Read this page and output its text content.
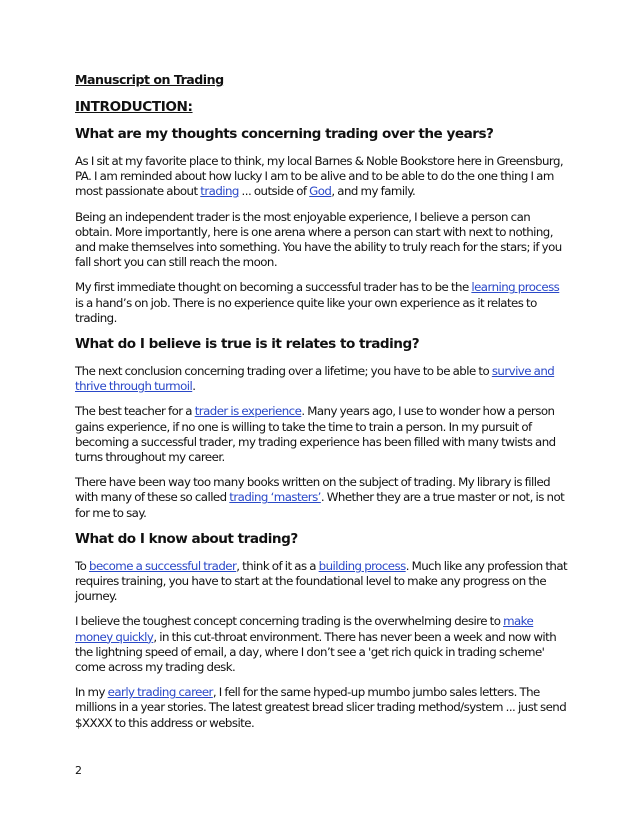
Manuscript on Trading
INTRODUCTION:
What are my thoughts concerning trading over the years?
As I sit at my favorite place to think, my local Barnes & Noble Bookstore here in Greensburg, PA. I am reminded about how lucky I am to be alive and to be able to do the one thing I am most passionate about trading ... outside of God, and my family.
Being an independent trader is the most enjoyable experience, I believe a person can obtain. More importantly, here is one arena where a person can start with next to nothing, and make themselves into something. You have the ability to truly reach for the stars; if you fall short you can still reach the moon.
My first immediate thought on becoming a successful trader has to be the learning process is a hand’s on job. There is no experience quite like your own experience as it relates to trading.
What do I believe is true is it relates to trading?
The next conclusion concerning trading over a lifetime; you have to be able to survive and thrive through turmoil.
The best teacher for a trader is experience. Many years ago, I use to wonder how a person gains experience, if no one is willing to take the time to train a person. In my pursuit of becoming a successful trader, my trading experience has been filled with many twists and turns throughout my career.
There have been way too many books written on the subject of trading. My library is filled with many of these so called trading ‘masters’. Whether they are a true master or not, is not for me to say.
What do I know about trading?
To become a successful trader, think of it as a building process. Much like any profession that requires training, you have to start at the foundational level to make any progress on the journey.
I believe the toughest concept concerning trading is the overwhelming desire to make money quickly, in this cut-throat environment. There has never been a week and now with the lightning speed of email, a day, where I don’t see a 'get rich quick in trading scheme' come across my trading desk.
In my early trading career, I fell for the same hyped-up mumbo jumbo sales letters. The millions in a year stories. The latest greatest bread slicer trading method/system ... just send $XXXX to this address or website.
2
